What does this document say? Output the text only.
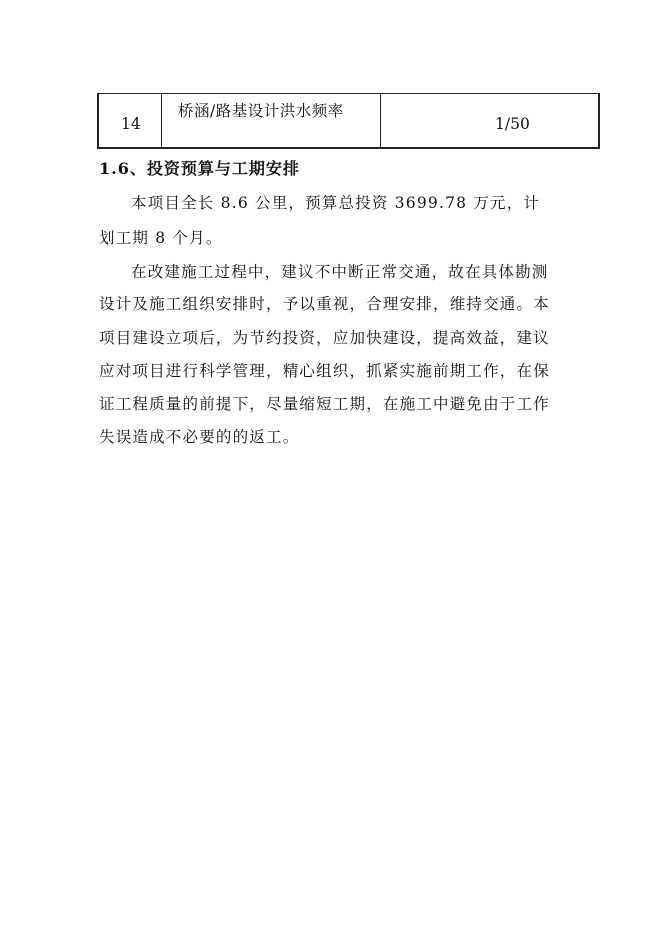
14
桥涵/路基设计洪水频率
1/50
1.6、投资预算与工期安排
本项目全长 8.6 公里，预算总投资 3699.78 万元，计
划工期 8 个月。
在改建施工过程中，建议不中断正常交通，故在具体勘测
设计及施工组织安排时，予以重视，合理安排，维持交通。本
项目建设立项后，为节约投资，应加快建设，提高效益，建议
应对项目进行科学管理，精心组织，抓紧实施前期工作，在保
证工程质量的前提下，尽量缩短工期，在施工中避免由于工作
失误造成不必要的的返工。
